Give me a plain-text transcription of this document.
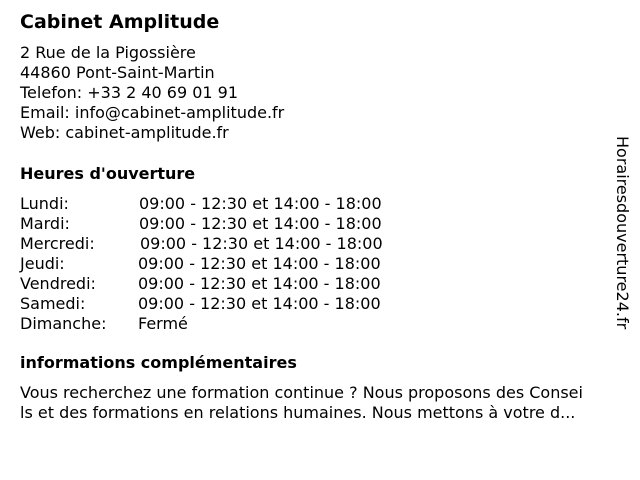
Cabinet Amplitude
2 Rue de la Pigossière
44860 Pont-Saint-Martin
Telefon: +33 2 40 69 01 91
Email: info@cabinet-amplitude.fr
Web: cabinet-amplitude.fr
Heures d'ouverture
Lundi:	09:00 - 12:30 et 14:00 - 18:00
Mardi:	09:00 - 12:30 et 14:00 - 18:00
Mercredi:	09:00 - 12:30 et 14:00 - 18:00
Jeudi:	09:00 - 12:30 et 14:00 - 18:00
Vendredi:	09:00 - 12:30 et 14:00 - 18:00
Samedi:	09:00 - 12:30 et 14:00 - 18:00
Dimanche: Fermé
informations complémentaires
Vous recherchez une formation continue ? Nous proposons des Consei
ls et des formations en relations humaines. Nous mettons à votre d...
Horairesdouverture24.fr
